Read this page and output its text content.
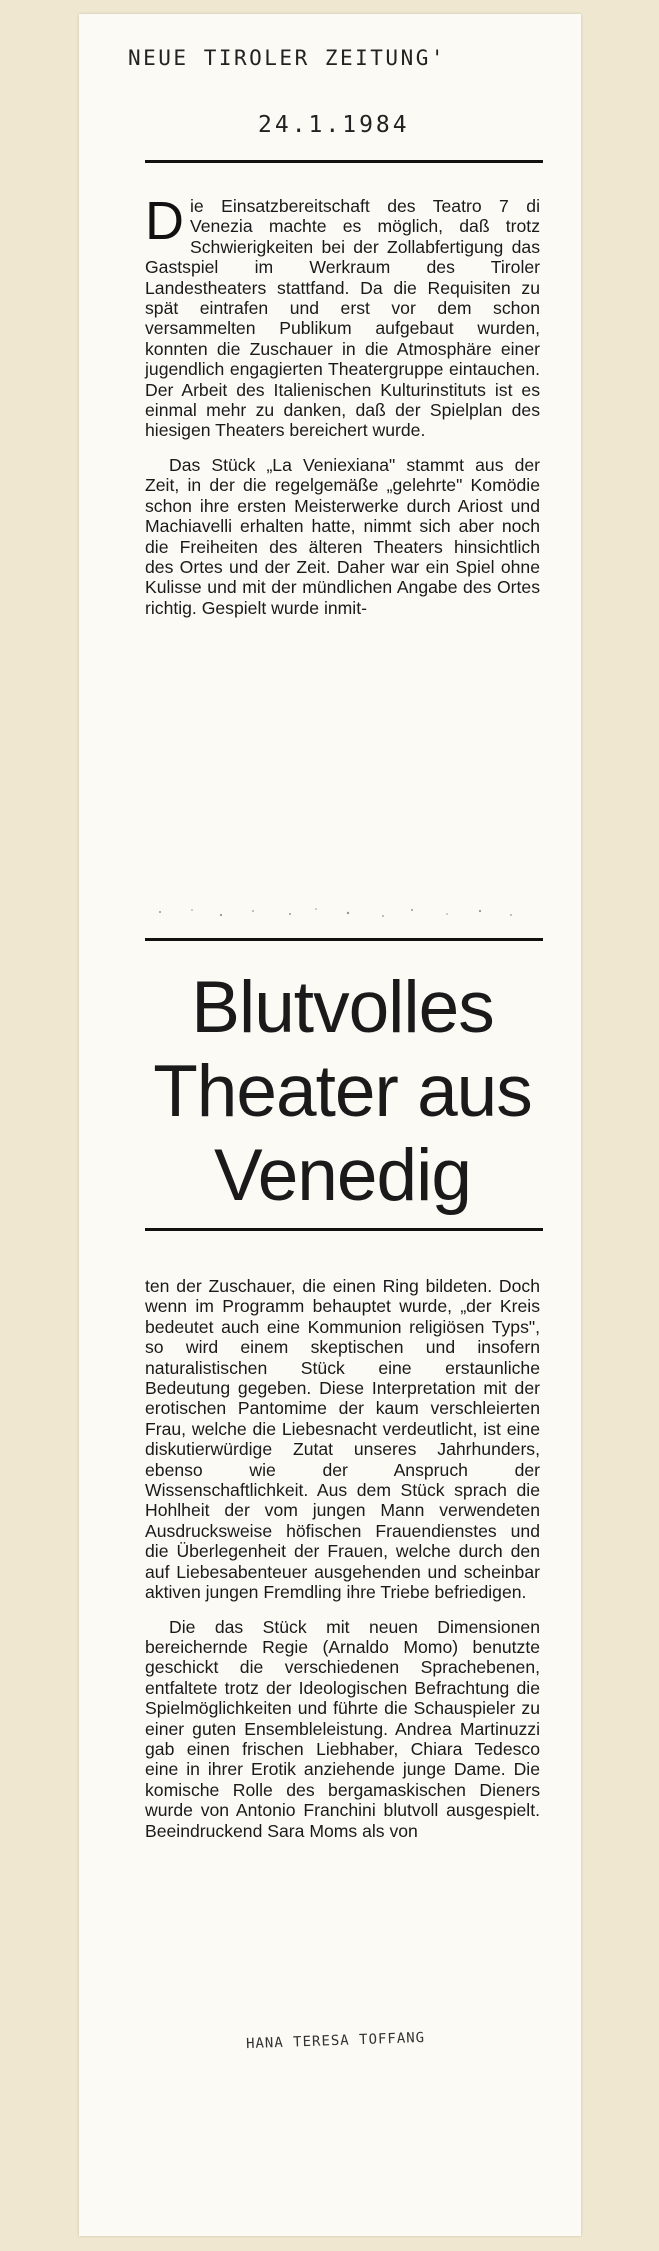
NEUE TIROLER ZEITUNG'
24.1.1984

Die Einsatzbereitschaft des Teatro 7 di Venezia machte es möglich, daß trotz Schwierigkeiten bei der Zollabfertigung das Gastspiel im Werkraum des Tiroler Landestheaters stattfand. Da die Requisiten zu spät eintrafen und erst vor dem schon versammelten Publikum aufgebaut wurden, konnten die Zuschauer in die Atmosphäre einer jugendlich engagierten Theatergruppe eintauchen. Der Arbeit des Italienischen Kulturinstituts ist es einmal mehr zu danken, daß der Spielplan des hiesigen Theaters bereichert wurde.

Das Stück „La Veniexiana" stammt aus der Zeit, in der die regelgemäße „gelehrte" Komödie schon ihre ersten Meisterwerke durch Ariost und Machiavelli erhalten hatte, nimmt sich aber noch die Freiheiten des älteren Theaters hinsichtlich des Ortes und der Zeit. Daher war ein Spiel ohne Kulisse und mit der mündlichen Angabe des Ortes richtig. Gespielt wurde inmit-

Blutvolles
Theater aus
Venedig

ten der Zuschauer, die einen Ring bildeten. Doch wenn im Programm behauptet wurde, „der Kreis bedeutet auch eine Kommunion religiösen Typs", so wird einem skeptischen und insofern naturalistischen Stück eine erstaunliche Bedeutung gegeben. Diese Interpretation mit der erotischen Pantomime der kaum verschleierten Frau, welche die Liebesnacht verdeutlicht, ist eine diskutierwürdige Zutat unseres Jahrhunders, ebenso wie der Anspruch der Wissenschaftlichkeit. Aus dem Stück sprach die Hohlheit der vom jungen Mann verwendeten Ausdrucksweise höfischen Frauendienstes und die Überlegenheit der Frauen, welche durch den auf Liebesabenteuer ausgehenden und scheinbar aktiven jungen Fremdling ihre Triebe befriedigen.

Die das Stück mit neuen Dimensionen bereichernde Regie (Arnaldo Momo) benutzte geschickt die verschiedenen Sprachebenen, entfaltete trotz der Ideologischen Befrachtung die Spielmöglichkeiten und führte die Schauspieler zu einer guten Ensembleleistung. Andrea Martinuzzi gab einen frischen Liebhaber, Chiara Tedesco eine in ihrer Erotik anziehende junge Dame. Die komische Rolle des bergamaskischen Dieners wurde von Antonio Franchini blutvoll ausgespielt. Beeindruckend Sara Moms als von

HANA TERESA TOFFANG
